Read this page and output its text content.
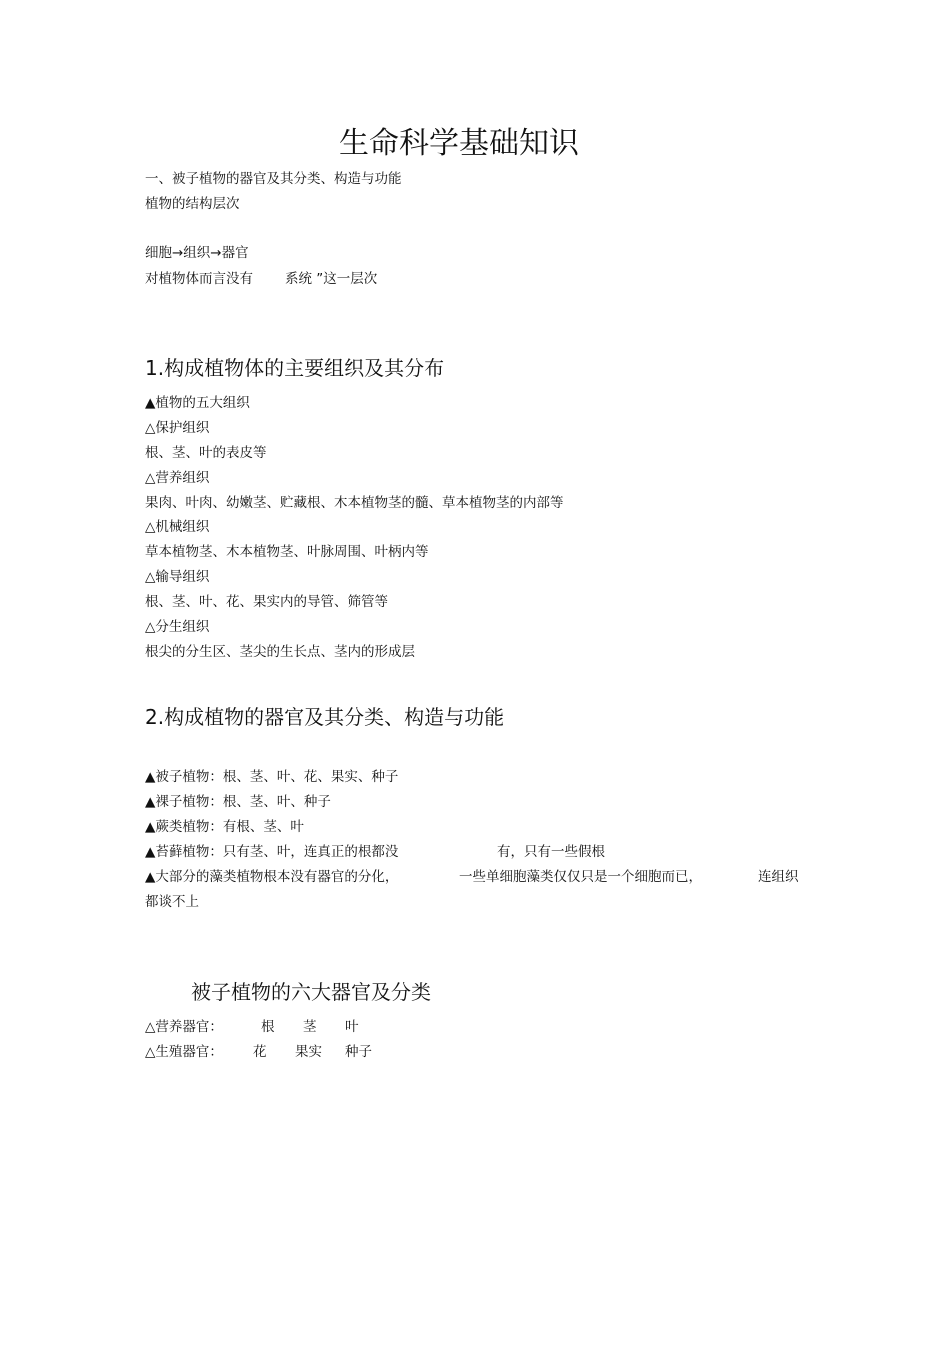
生命科学基础知识
一、被子植物的器官及其分类、构造与功能
植物的结构层次
细胞→组织→器官
对植物体而言没有 系统 ”这一层次
1.构成植物体的主要组织及其分布
▲植物的五大组织
△保护组织
根、茎、叶的表皮等
△营养组织
果肉、叶肉、幼嫩茎、贮藏根、木本植物茎的髓、草本植物茎的内部等
△机械组织
草本植物茎、木本植物茎、叶脉周围、叶柄内等
△输导组织
根、茎、叶、花、果实内的导管、筛管等
△分生组织
根尖的分生区、茎尖的生长点、茎内的形成层
2.构成植物的器官及其分类、构造与功能
▲被子植物：根、茎、叶、花、果实、种子
▲裸子植物：根、茎、叶、种子
▲蕨类植物：有根、茎、叶
▲苔藓植物：只有茎、叶，连真正的根都没	有，只有一些假根
▲大部分的藻类植物根本没有器官的分化，	一些单细胞藻类仅仅只是一个细胞而已，	连组织
都谈不上
被子植物的六大器官及分类
△营养器官：	根 茎 叶
△生殖器官： 花 果实 种子
